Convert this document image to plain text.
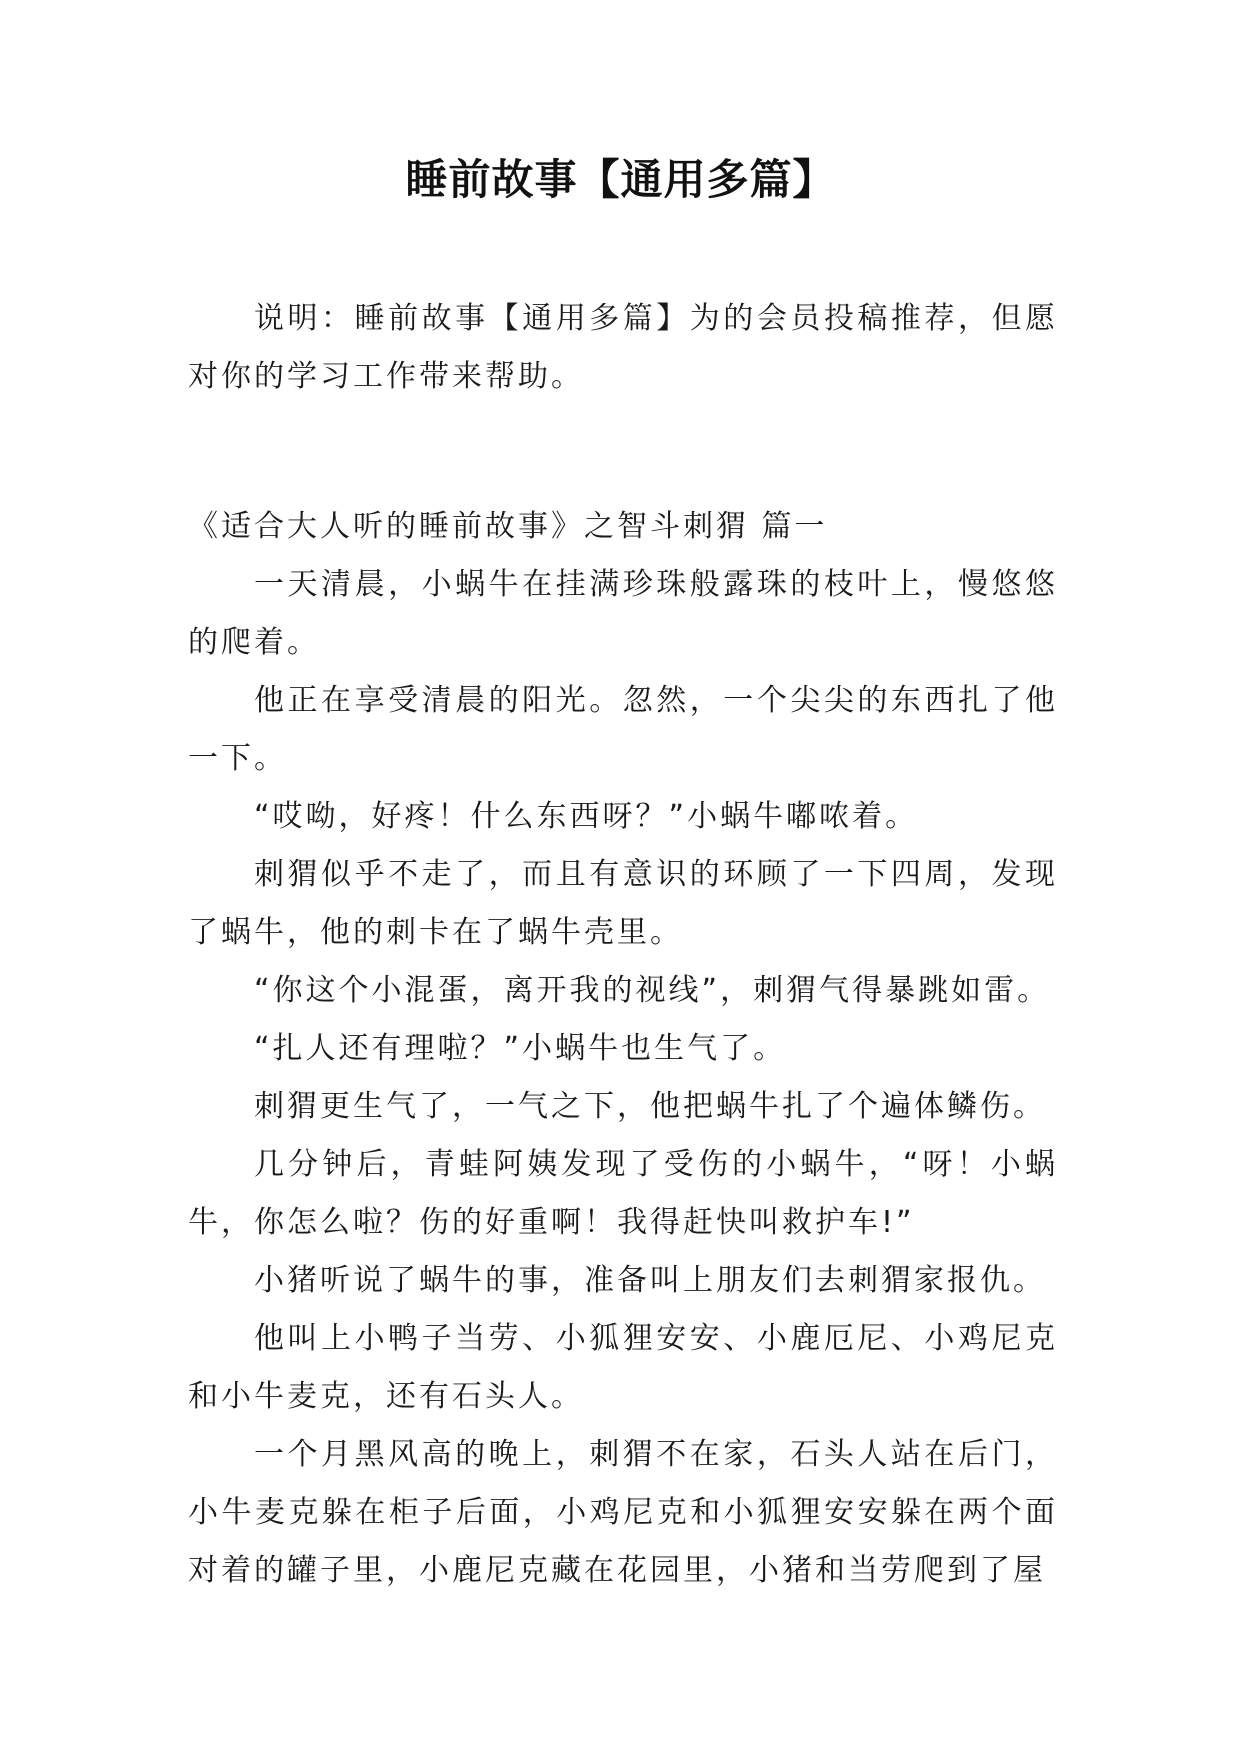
睡前故事【通用多篇】

说明：睡前故事【通用多篇】为的会员投稿推荐，但愿对你的学习工作带来帮助。

《适合大人听的睡前故事》之智斗刺猬 篇一

一天清晨，小蜗牛在挂满珍珠般露珠的枝叶上，慢悠悠的爬着。

他正在享受清晨的阳光。忽然，一个尖尖的东西扎了他一下。

“哎呦，好疼！什么东西呀？”小蜗牛嘟哝着。

刺猬似乎不走了，而且有意识的环顾了一下四周，发现了蜗牛，他的刺卡在了蜗牛壳里。

“你这个小混蛋，离开我的视线”，刺猬气得暴跳如雷。

“扎人还有理啦？”小蜗牛也生气了。

刺猬更生气了，一气之下，他把蜗牛扎了个遍体鳞伤。

几分钟后，青蛙阿姨发现了受伤的小蜗牛，“呀！小蜗牛，你怎么啦？伤的好重啊！我得赶快叫救护车!”

小猪听说了蜗牛的事，准备叫上朋友们去刺猬家报仇。

他叫上小鸭子当劳、小狐狸安安、小鹿厄尼、小鸡尼克和小牛麦克，还有石头人。

一个月黑风高的晚上，刺猬不在家，石头人站在后门，小牛麦克躲在柜子后面，小鸡尼克和小狐狸安安躲在两个面对着的罐子里，小鹿尼克藏在花园里，小猪和当劳爬到了屋
